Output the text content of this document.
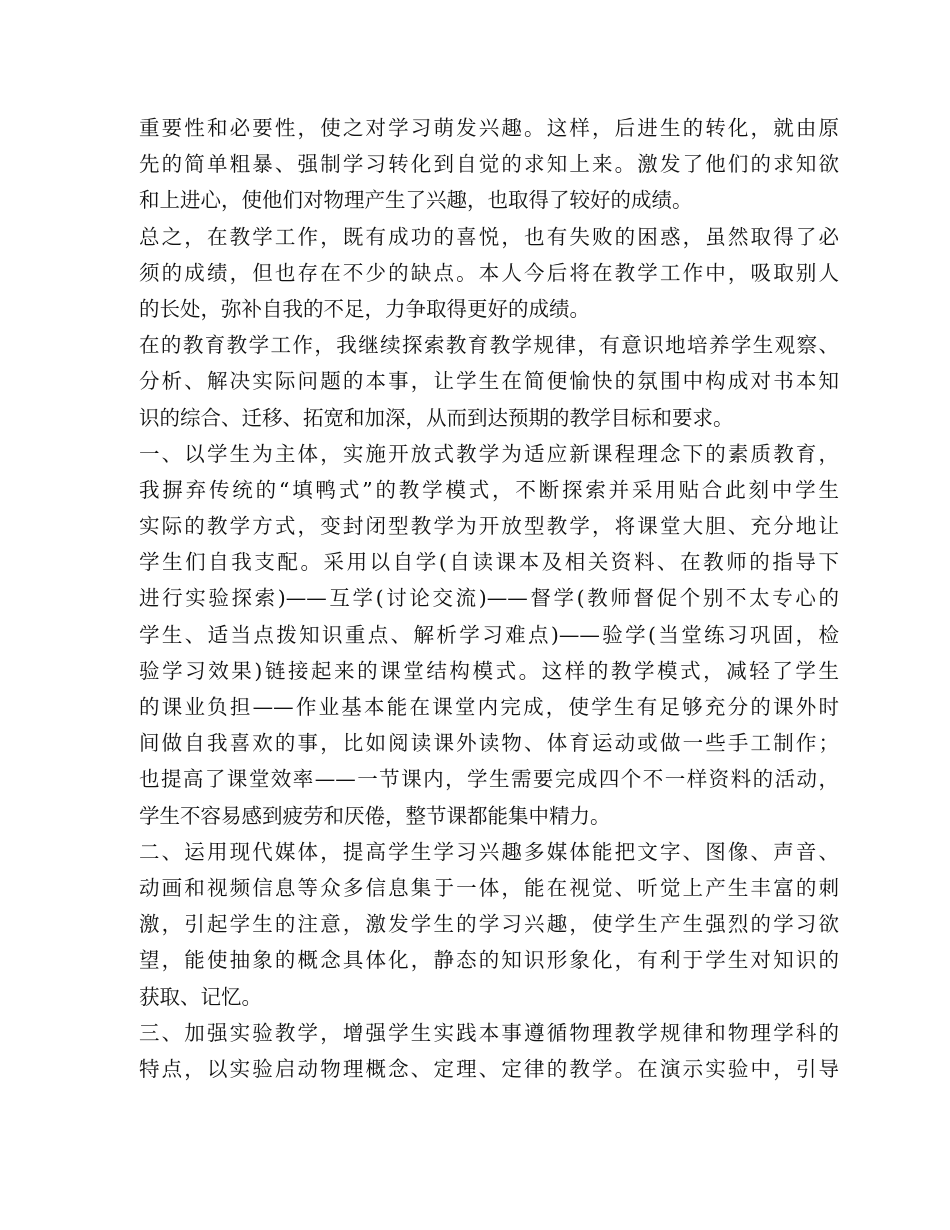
重要性和必要性，使之对学习萌发兴趣。这样，后进生的转化，就由原
先的简单粗暴、强制学习转化到自觉的求知上来。激发了他们的求知欲
和上进心，使他们对物理产生了兴趣，也取得了较好的成绩。
总之，在教学工作，既有成功的喜悦，也有失败的困惑，虽然取得了必
须的成绩，但也存在不少的缺点。本人今后将在教学工作中，吸取别人
的长处，弥补自我的不足，力争取得更好的成绩。
在的教育教学工作，我继续探索教育教学规律，有意识地培养学生观察、
分析、解决实际问题的本事，让学生在简便愉快的氛围中构成对书本知
识的综合、迁移、拓宽和加深，从而到达预期的教学目标和要求。
一、以学生为主体，实施开放式教学为适应新课程理念下的素质教育，
我摒弃传统的“填鸭式”的教学模式，不断探索并采用贴合此刻中学生
实际的教学方式，变封闭型教学为开放型教学，将课堂大胆、充分地让
学生们自我支配。采用以自学(自读课本及相关资料、在教师的指导下
进行实验探索)——互学(讨论交流)——督学(教师督促个别不太专心的
学生、适当点拨知识重点、解析学习难点)——验学(当堂练习巩固，检
验学习效果)链接起来的课堂结构模式。这样的教学模式，减轻了学生
的课业负担——作业基本能在课堂内完成，使学生有足够充分的课外时
间做自我喜欢的事，比如阅读课外读物、体育运动或做一些手工制作；
也提高了课堂效率——一节课内，学生需要完成四个不一样资料的活动，
学生不容易感到疲劳和厌倦，整节课都能集中精力。
二、运用现代媒体，提高学生学习兴趣多媒体能把文字、图像、声音、
动画和视频信息等众多信息集于一体，能在视觉、听觉上产生丰富的刺
激，引起学生的注意，激发学生的学习兴趣，使学生产生强烈的学习欲
望，能使抽象的概念具体化，静态的知识形象化，有利于学生对知识的
获取、记忆。
三、加强实验教学，增强学生实践本事遵循物理教学规律和物理学科的
特点，以实验启动物理概念、定理、定律的教学。在演示实验中，引导
